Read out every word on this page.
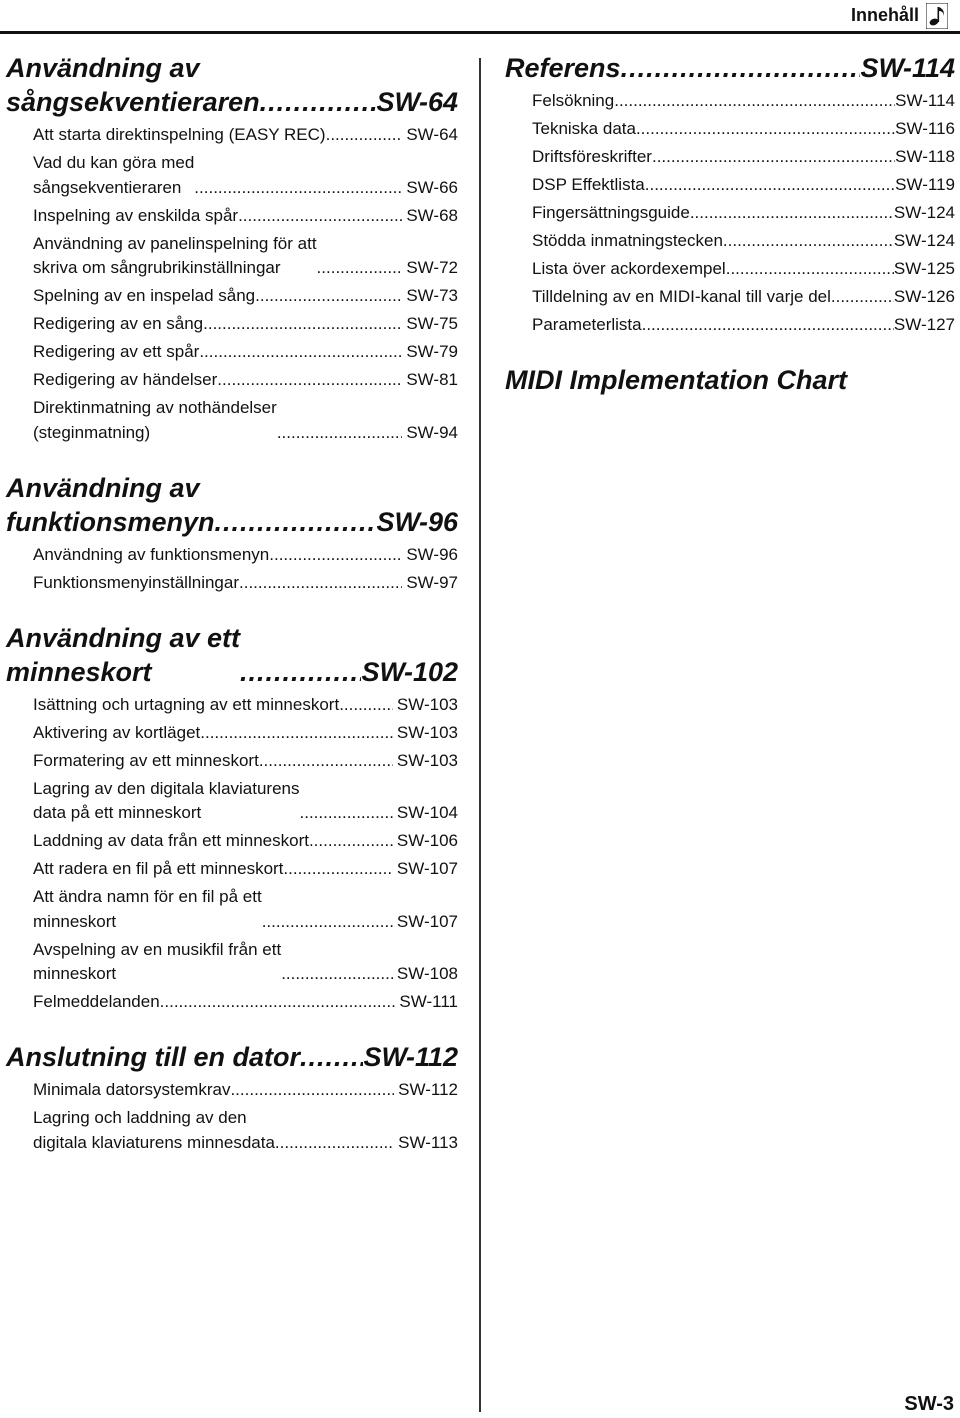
Innehåll
Användning av
sångsekventieraren .....	SW-64
Att starta direktinspelning (EASY REC) .....	SW-64
Vad du kan göra med
sångsekventieraren .....	SW-66
Inspelning av enskilda spår .....	SW-68
Användning av panelinspelning för att
skriva om sångrubrikinställningar .....	SW-72
Spelning av en inspelad sång .....	SW-73
Redigering av en sång .....	SW-75
Redigering av ett spår .....	SW-79
Redigering av händelser .....	SW-81
Direktinmatning av nothändelser
(steginmatning) .....	SW-94
Användning av
funktionsmenyn .....	SW-96
Användning av funktionsmenyn .....	SW-96
Funktionsmenyinställningar .....	SW-97
Användning av ett
minneskort .....	SW-102
Isättning och urtagning av ett minneskort .....	SW-103
Aktivering av kortläget .....	SW-103
Formatering av ett minneskort .....	SW-103
Lagring av den digitala klaviaturens
data på ett minneskort .....	SW-104
Laddning av data från ett minneskort .....	SW-106
Att radera en fil på ett minneskort .....	SW-107
Att ändra namn för en fil på ett
minneskort .....	SW-107
Avspelning av en musikfil från ett
minneskort .....	SW-108
Felmeddelanden .....	SW-111
Anslutning till en dator ..... SW-112
Minimala datorsystemkrav .....	SW-112
Lagring och laddning av den
digitala klaviaturens minnesdata .....	SW-113
Referens .....	SW-114
Felsökning .....	SW-114
Tekniska data .....	SW-116
Driftsföreskrifter .....	SW-118
DSP Effektlista .....	SW-119
Fingersättningsguide .....	SW-124
Stödda inmatningstecken .....	SW-124
Lista över ackordexempel .....	SW-125
Tilldelning av en MIDI-kanal till varje del .....	SW-126
Parameterlista .....	SW-127
MIDI Implementation Chart
SW-3
